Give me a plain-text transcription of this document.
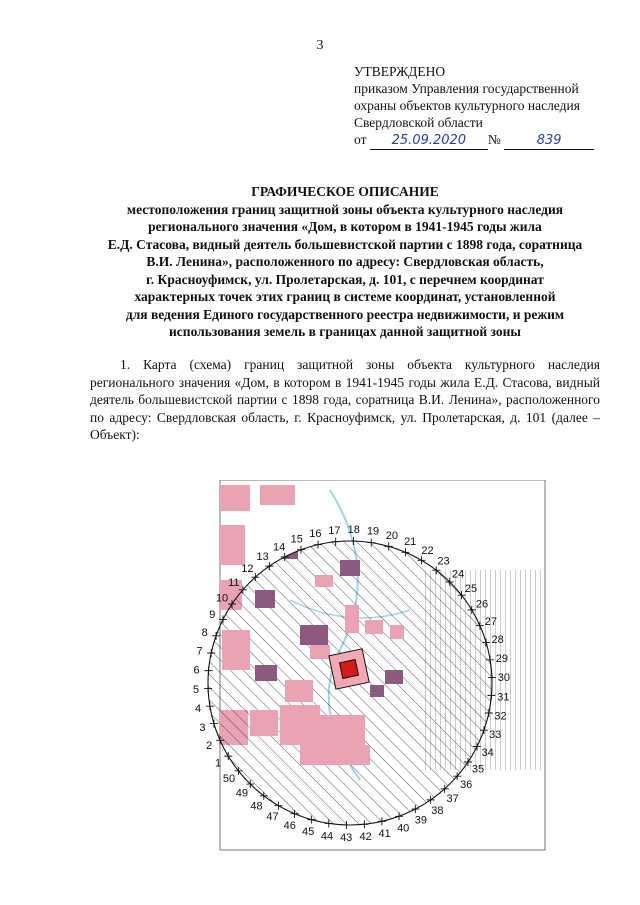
3
УТВЕРЖДЕНО
приказом Управления государственной
охраны объектов культурного наследия
Свердловской области
от 25.09.2020 №	839
ГРАФИЧЕСКОЕ ОПИСАНИЕ
местоположения границ защитной зоны объекта культурного наследия
регионального значения «Дом, в котором в 1941-1945 годы жила
Е.Д. Стасова, видный деятель большевистской партии с 1898 года, соратница
В.И. Ленина», расположенного по адресу: Свердловская область,
г. Красноуфимск, ул. Пролетарская, д. 101, с перечнем координат
характерных точек этих границ в системе координат, установленной
для ведения Единого государственного реестра недвижимости, и режим
использования земель в границах данной защитной зоны
1. Карта (схема) границ защитной зоны объекта культурного наследия регионального значения «Дом, в котором в 1941-1945 годы жила Е.Д. Стасова, видный деятель большевистской партии с 1898 года, соратница В.И. Ленина», расположенного по адресу: Свердловская область, г. Красноуфимск, ул. Пролетарская, д. 101 (далее – Объект):
1
2
3
4
5
6
7
8
9
10
11
12
13
14
15 16 17 18 19 20
21
22
23
24
25
26
27
28
29
30
31
32
33
34
35
36
37
38
39
40
41
42
43
44
45
46
47
48
49
50
